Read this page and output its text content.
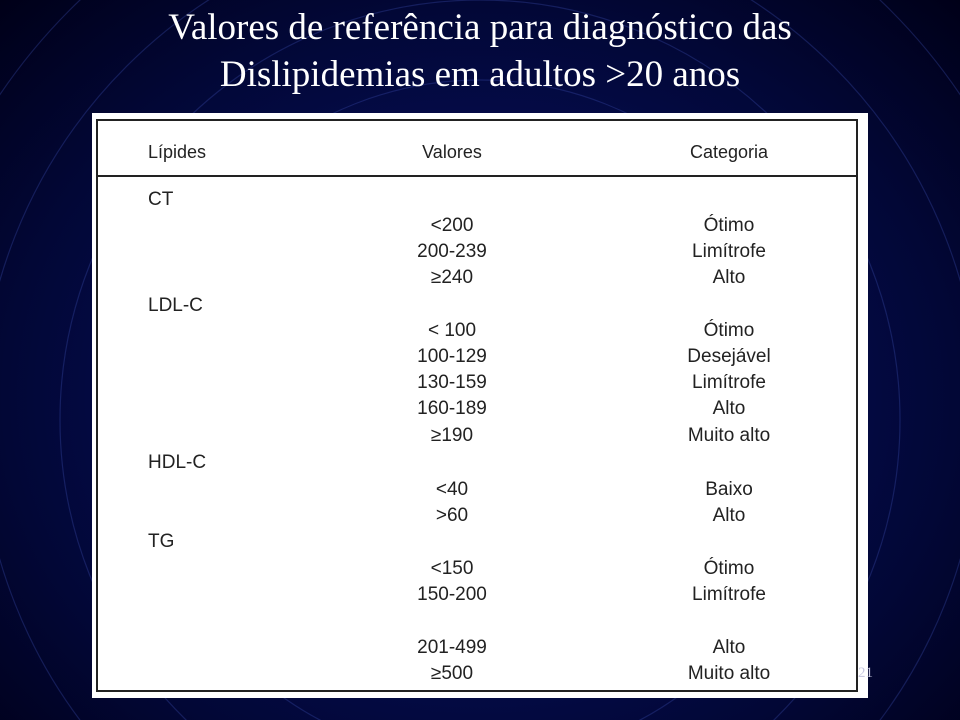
Valores de referência para diagnóstico das
Dislipidemias em adultos >20 anos
Lípides	Valores	Categoria
CT
<200	Ótimo
200-239	Limítrofe
≥240	Alto
LDL-C
< 100	Ótimo
100-129	Desejável
130-159	Limítrofe
160-189	Alto
≥190	Muito alto
HDL-C
<40	Baixo
>60	Alto
TG
<150	Ótimo
150-200	Limítrofe
201-499	Alto
≥500	Muito alto	21
